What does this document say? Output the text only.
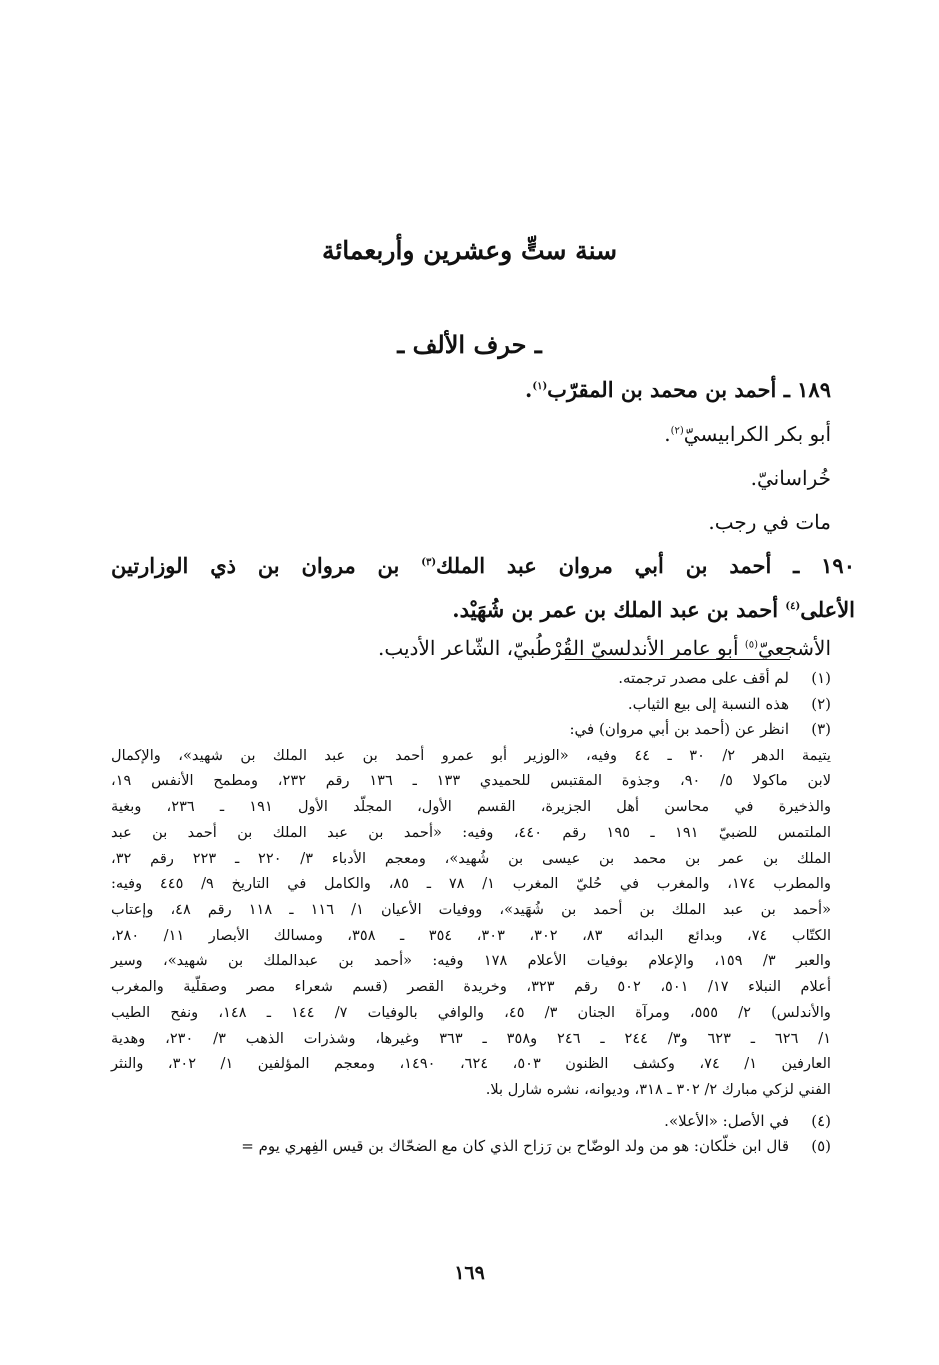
سنة ستٍّ وعشرين وأربعمائة
ـ حرف الألف ـ

١٨٩ ـ أحمد بن محمد بن المقرّب$^{(١)}$.

أبو بكر الكرابيسيّ$^{(٢)}$.

خُراسانيّ.

مات في رجب.

١٩٠ ـ أحمد بن أبي مروان عبد الملك$^{(٣)}$ بن مروان بن ذي الوزارتين

الأعلى$^{(٤)}$ أحمد بن عبد الملك بن عمر بن شُهَيْد.

الأشجعيّ$^{(٥)}$ أبو عامر الأندلسيّ القُرْطُبيّ، الشّاعر الأديب.

(١)
لم أقف على مصدر ترجمته.
(٢)
هذه النسبة إلى بيع الثياب.
(٣)
انظر عن (أحمد بن أبي مروان) في:

يتيمة الدهر ٢/ ٣٠ ـ ٤٤ وفيه، «الوزير أبو عمرو أحمد بن عبد الملك بن شهيد»، والإكمال

لابن ماكولا ٥/ ٩٠، وجذوة المقتبس للحميدي ١٣٣ ـ ١٣٦ رقم ٢٣٢، ومطمح الأنفس ١٩،

والذخيرة في محاسن أهل الجزيرة، القسم الأول، المجلّد الأول ١٩١ ـ ٢٣٦، وبغية

الملتمس للضبيّ ١٩١ ـ ١٩٥ رقم ٤٤٠، وفيه: «أحمد بن عبد الملك بن أحمد بن عبد

الملك بن عمر بن محمد بن عيسى بن شُهيد»، ومعجم الأدباء ٣/ ٢٢٠ ـ ٢٢٣ رقم ٣٢،

والمطرب ١٧٤، والمغرب في حُليّ المغرب ١/ ٧٨ ـ ٨٥، والكامل في التاريخ ٩/ ٤٤٥ وفيه:

«أحمد بن عبد الملك بن أحمد بن شُهَيد»، ووفيات الأعيان ١/ ١١٦ ـ ١١٨ رقم ٤٨، وإعتاب

الكتّاب ٧٤، وبدائع البدائه ٨٣، ٣٠٢، ٣٠٣، ٣٥٤ ـ ٣٥٨، ومسالك الأبصار ١١/ ٢٨٠،

والعبر ٣/ ١٥٩، والإعلام بوفيات الأعلام ١٧٨ وفيه: «أحمد بن عبدالملك بن شهيد»، وسير

أعلام النبلاء ١٧/ ٥٠١، ٥٠٢ رقم ٣٢٣، وخريدة القصر (قسم شعراء مصر وصقلّية والمغرب

والأندلس) ٢/ ٥٥٥، ومرآة الجنان ٣/ ٤٥، والوافي بالوفيات ٧/ ١٤٤ ـ ١٤٨، ونفح الطيب

١/ ٦٢٦ ـ ٦٢٣ و٣/ ٢٤٤ ـ ٢٤٦ و٣٥٨ ـ ٣٦٣ وغيرها، وشذرات الذهب ٣/ ٢٣٠، وهدية

العارفين ١/ ٧٤، وكشف الظنون ٥٠٣، ٦٢٤، ١٤٩٠، ومعجم المؤلفين ١/ ٣٠٢، والنثر

الفني لزكي مبارك ٢/ ٣٠٢ ـ ٣١٨، وديوانه، نشره شارل بلا.

(٤)
في الأصل: «الأعلا».
(٥)
قال ابن خلّكان: هو من ولد الوضّاح بن رَزاح الذي كان مع الضحّاك بن قيس الفِهري يوم =
١٦٩
